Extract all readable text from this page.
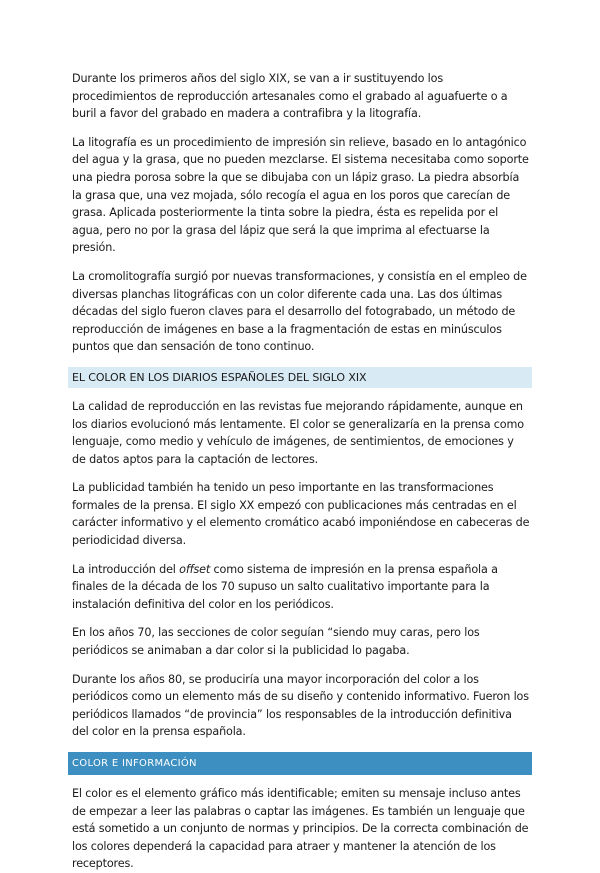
Durante los primeros años del siglo XIX, se van a ir sustituyendo los procedimientos de reproducción artesanales como el grabado al aguafuerte o a buril a favor del grabado en madera a contrafibra y la litografía.

La litografía es un procedimiento de impresión sin relieve, basado en lo antagónico del agua y la grasa, que no pueden mezclarse. El sistema necesitaba como soporte una piedra porosa sobre la que se dibujaba con un lápiz graso. La piedra absorbía la grasa que, una vez mojada, sólo recogía el agua en los poros que carecían de grasa. Aplicada posteriormente la tinta sobre la piedra, ésta es repelida por el agua, pero no por la grasa del lápiz que será la que imprima al efectuarse la presión.

La cromolitografía surgió por nuevas transformaciones, y consistía en el empleo de diversas planchas litográficas con un color diferente cada una. Las dos últimas décadas del siglo fueron claves para el desarrollo del fotograbado, un método de reproducción de imágenes en base a la fragmentación de estas en minúsculos puntos que dan sensación de tono continuo.

EL COLOR EN LOS DIARIOS ESPAÑOLES DEL SIGLO XIX

La calidad de reproducción en las revistas fue mejorando rápidamente, aunque en los diarios evolucionó más lentamente. El color se generalizaría en la prensa como lenguaje, como medio y vehículo de imágenes, de sentimientos, de emociones y de datos aptos para la captación de lectores.

La publicidad también ha tenido un peso importante en las transformaciones formales de la prensa. El siglo XX empezó con publicaciones más centradas en el carácter informativo y el elemento cromático acabó imponiéndose en cabeceras de periodicidad diversa.

La introducción del offset como sistema de impresión en la prensa española a finales de la década de los 70 supuso un salto cualitativo importante para la instalación definitiva del color en los periódicos.

En los años 70, las secciones de color seguían “siendo muy caras, pero los periódicos se animaban a dar color si la publicidad lo pagaba.

Durante los años 80, se produciría una mayor incorporación del color a los periódicos como un elemento más de su diseño y contenido informativo. Fueron los periódicos llamados “de provincia” los responsables de la introducción definitiva del color en la prensa española.

COLOR E INFORMACIÓN

El color es el elemento gráfico más identificable; emiten su mensaje incluso antes de empezar a leer las palabras o captar las imágenes. Es también un lenguaje que está sometido a un conjunto de normas y principios. De la correcta combinación de los colores dependerá la capacidad para atraer y mantener la atención de los receptores.
